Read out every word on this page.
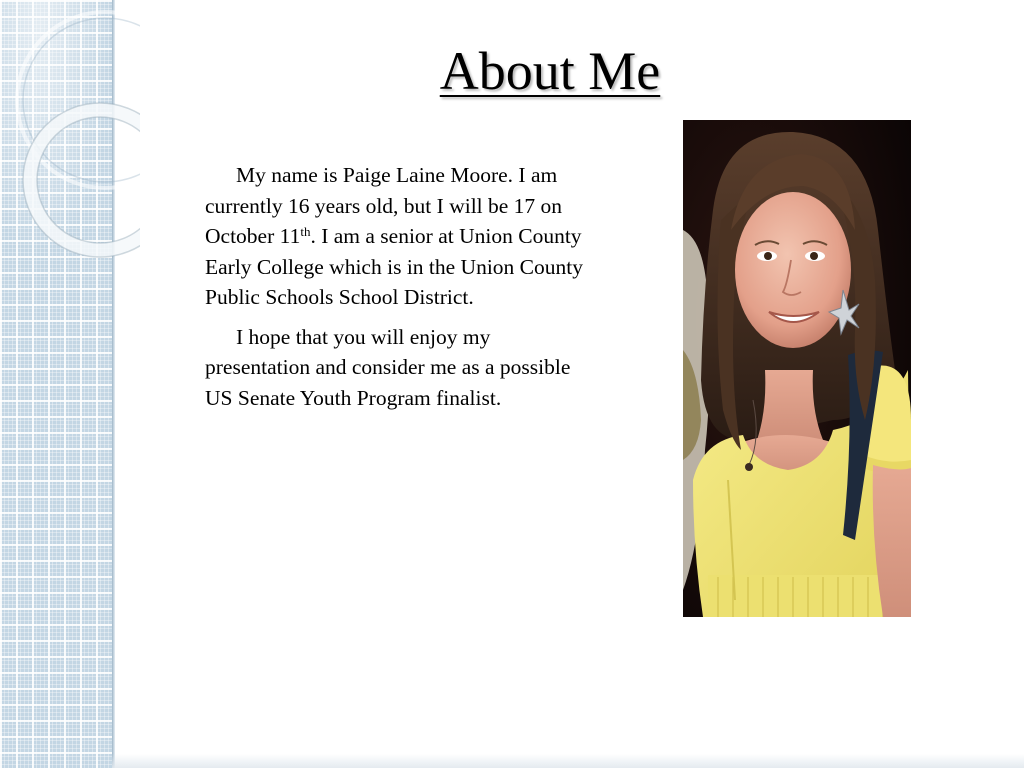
About Me

My name is Paige Laine Moore. I am currently 16 years old, but I will be 17 on October 11th. I am a senior at Union County Early College which is in the Union County Public Schools School District.

I hope that you will enjoy my presentation and consider me as a possible US Senate Youth Program finalist.
